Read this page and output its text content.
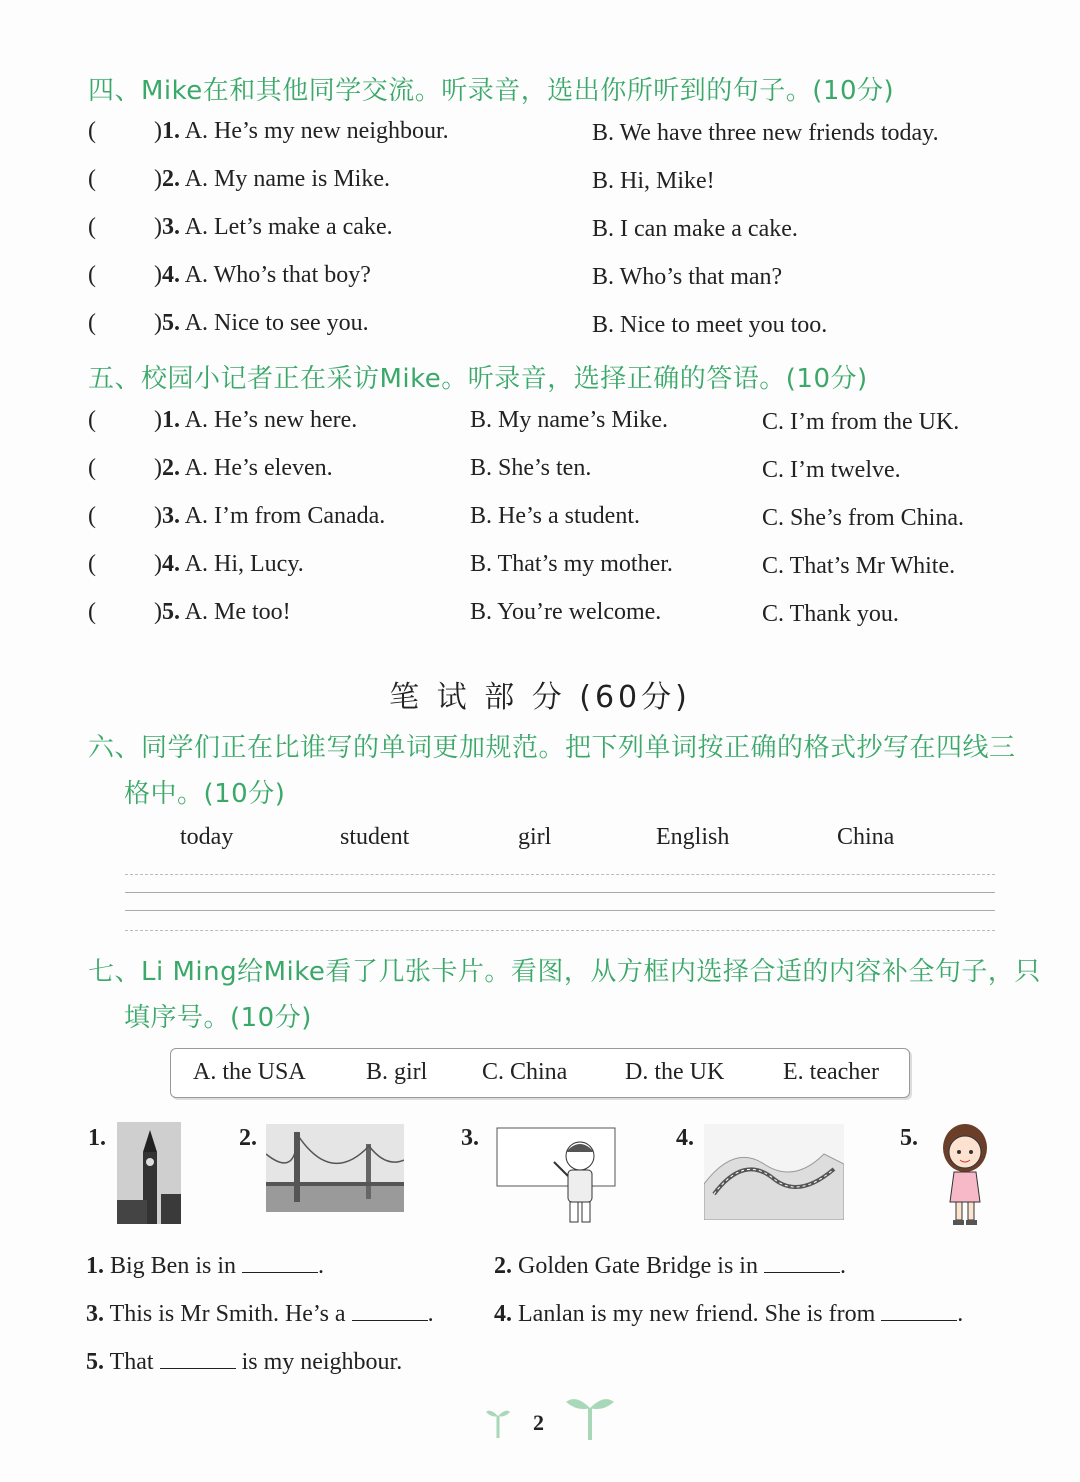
四、Mike在和其他同学交流。听录音，选出你所听到的句子。(10分)
( )1. A. He’s my new neighbour.	B. We have three new friends today.
( )2. A. My name is Mike.	B. Hi, Mike!
( )3. A. Let’s make a cake.	B. I can make a cake.
( )4. A. Who’s that boy?	B. Who’s that man?
( )5. A. Nice to see you.	B. Nice to meet you too.
五、校园小记者正在采访Mike。听录音，选择正确的答语。(10分)
( )1. A. He’s new here.	B. My name’s Mike.	C. I’m from the UK.
( )2. A. He’s eleven.	B. She’s ten.	C. I’m twelve.
( )3. A. I’m from Canada.	B. He’s a student.	C. She’s from China.
( )4. A. Hi, Lucy.	B. That’s my mother.	C. That’s Mr White.
( )5. A. Me too!	B. You’re welcome.	C. Thank you.
笔 试 部 分 (60分)
六、同学们正在比谁写的单词更加规范。把下列单词按正确的格式抄写在四线三
格中。(10分)
today	student	girl	English	China
七、Li Ming给Mike看了几张卡片。看图，从方框内选择合适的内容补全句子，只
填序号。(10分)
A. the USA	B. girl C. China D. the UK E. teacher
1.	2.	3.	4.	5.
1. Big Ben is in	.	2. Golden Gate Bridge is in	.
3. This is Mr Smith. He’s a	.	4. Lanlan is my new friend. She is from	.
5. That	is my neighbour.
2
